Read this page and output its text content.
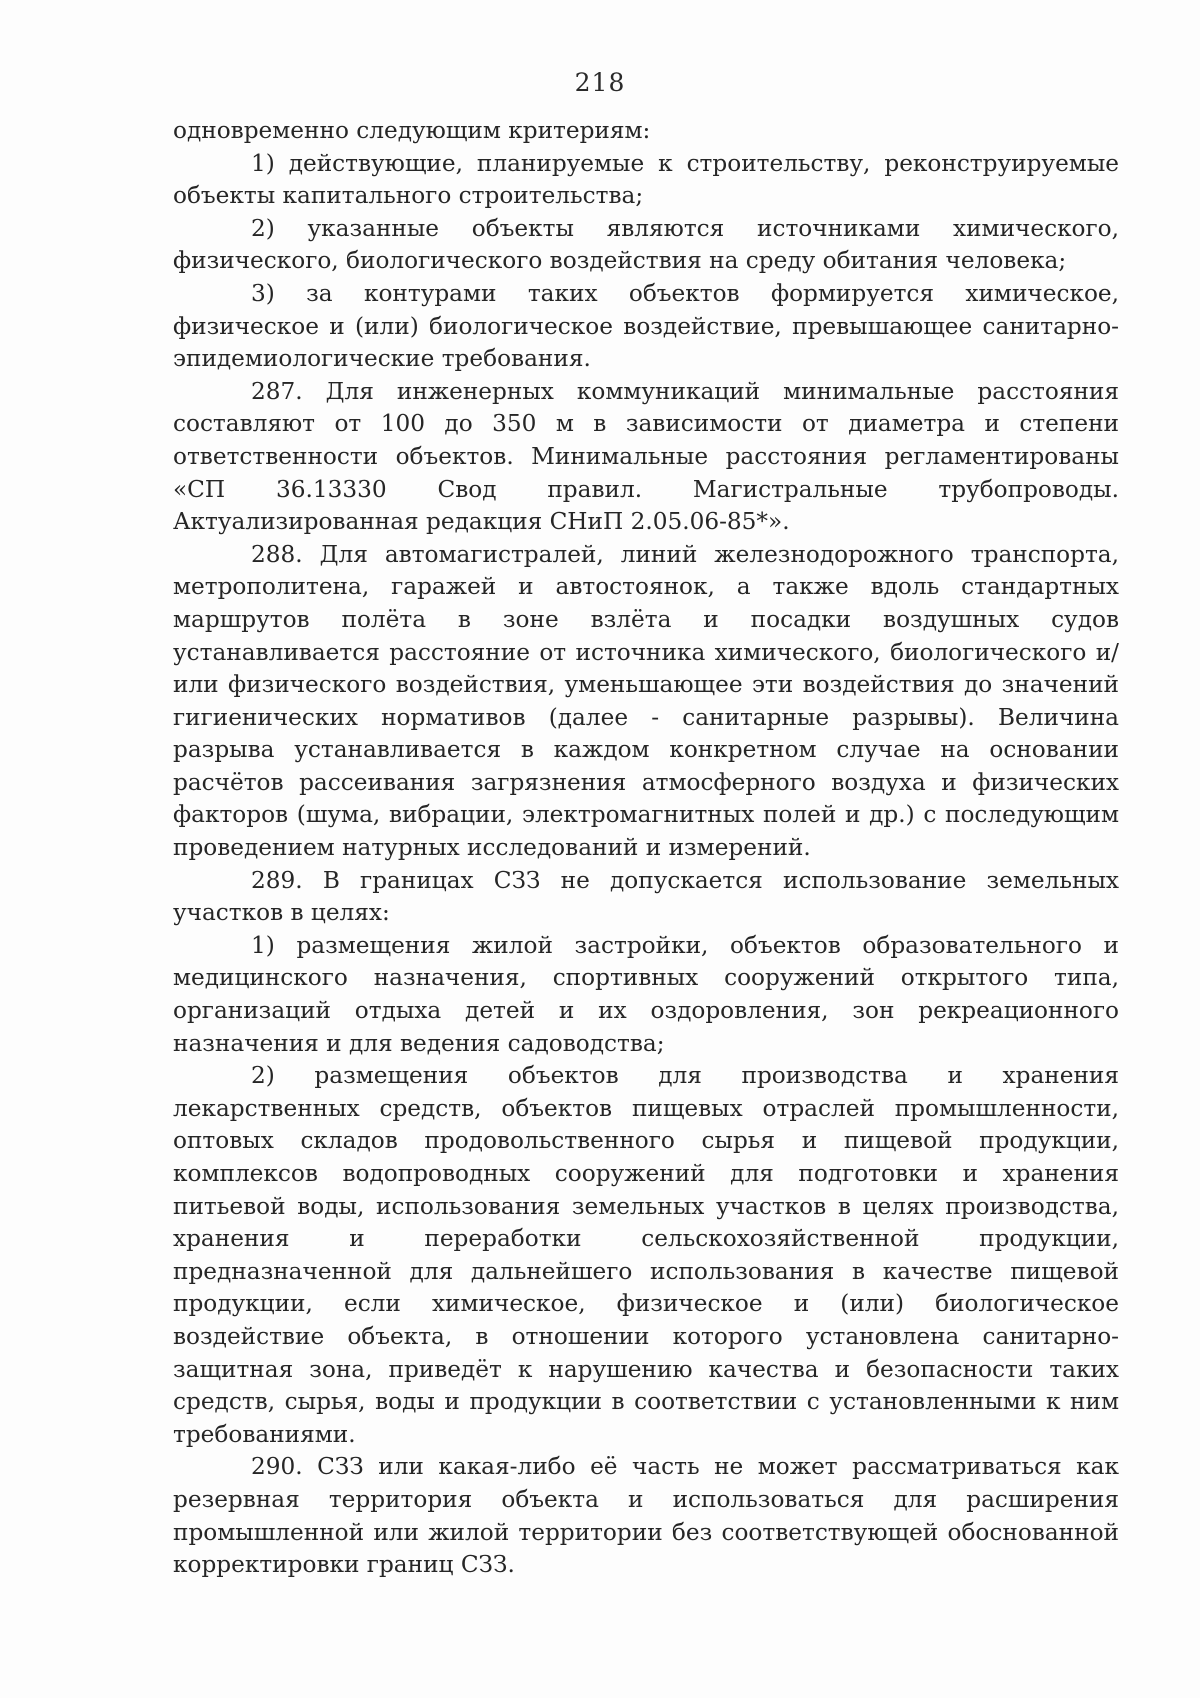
218

одновременно следующим критериям:

1) действующие, планируемые к строительству, реконструируемые объекты капитального строительства;

2) указанные объекты являются источниками химического, физического, биологического воздействия на среду обитания человека;

3) за контурами таких объектов формируется химическое, физическое и (или) биологическое воздействие, превышающее санитарно-эпидемиологические требования.

287. Для инженерных коммуникаций минимальные расстояния составляют от 100 до 350 м в зависимости от диаметра и степени ответственности объектов. Минимальные расстояния регламентированы «СП 36.13330 Свод правил. Магистральные трубопроводы. Актуализированная редакция СНиП 2.05.06-85*».

288. Для автомагистралей, линий железнодорожного транспорта, метрополитена, гаражей и автостоянок, а также вдоль стандартных маршрутов полёта в зоне взлёта и посадки воздушных судов устанавливается расстояние от источника химического, биологического и/или физического воздействия, уменьшающее эти воздействия до значений гигиенических нормативов (далее - санитарные разрывы). Величина разрыва устанавливается в каждом конкретном случае на основании расчётов рассеивания загрязнения атмосферного воздуха и физических факторов (шума, вибрации, электромагнитных полей и др.) с последующим проведением натурных исследований и измерений.

289. В границах СЗЗ не допускается использование земельных участков в целях:

1) размещения жилой застройки, объектов образовательного и медицинского назначения, спортивных сооружений открытого типа, организаций отдыха детей и их оздоровления, зон рекреационного назначения и для ведения садоводства;

2) размещения объектов для производства и хранения лекарственных средств, объектов пищевых отраслей промышленности, оптовых складов продовольственного сырья и пищевой продукции, комплексов водопроводных сооружений для подготовки и хранения питьевой воды, использования земельных участков в целях производства, хранения и переработки сельскохозяйственной продукции, предназначенной для дальнейшего использования в качестве пищевой продукции, если химическое, физическое и (или) биологическое воздействие объекта, в отношении которого установлена санитарно-защитная зона, приведёт к нарушению качества и безопасности таких средств, сырья, воды и продукции в соответствии с установленными к ним требованиями.

290. СЗЗ или какая-либо её часть не может рассматриваться как резервная территория объекта и использоваться для расширения промышленной или жилой территории без соответствующей обоснованной корректировки границ СЗЗ.
